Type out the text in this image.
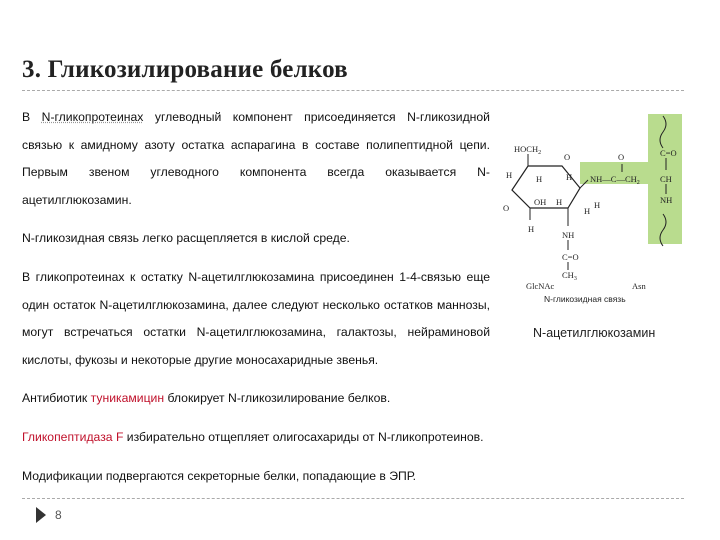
3. Гликозилирование белков

В N-гликопротеинах углеводный компонент присоединяется N-гликозидной связью к амидному азоту остатка аспарагина в составе полипептидной цепи. Первым звеном углеводного компонента всегда оказывается N-ацетилглюкозамин.

N-гликозидная связь легко расщепляется в кислой среде.

В гликопротеинах к остатку N-ацетилглюкозамина присоединен 1-4-связью еще один остаток N-ацетилглюкозамина, далее следуют несколько остатков маннозы, могут встречаться остатки N-ацетилглюкозамина, галактозы, нейраминовой кислоты, фукозы и некоторые другие моносахаридные звенья.

Антибиотик туникамицин блокирует N-гликозилирование белков.

Гликопептидаза F избирательно отщепляет олигосахариды от N-гликопротеинов.

Модификации подвергаются секреторные белки, попадающие в ЭПР.

$HOCH_2$
H
O
H	H
O
OH H
H
H
NH
C=O
$CH_3$
O
$NH—C—CH_2$
H
C=O
CH
NH
GlcNAc	Asn
N-гликозидная связь
N-ацетилглюкозамин
8
